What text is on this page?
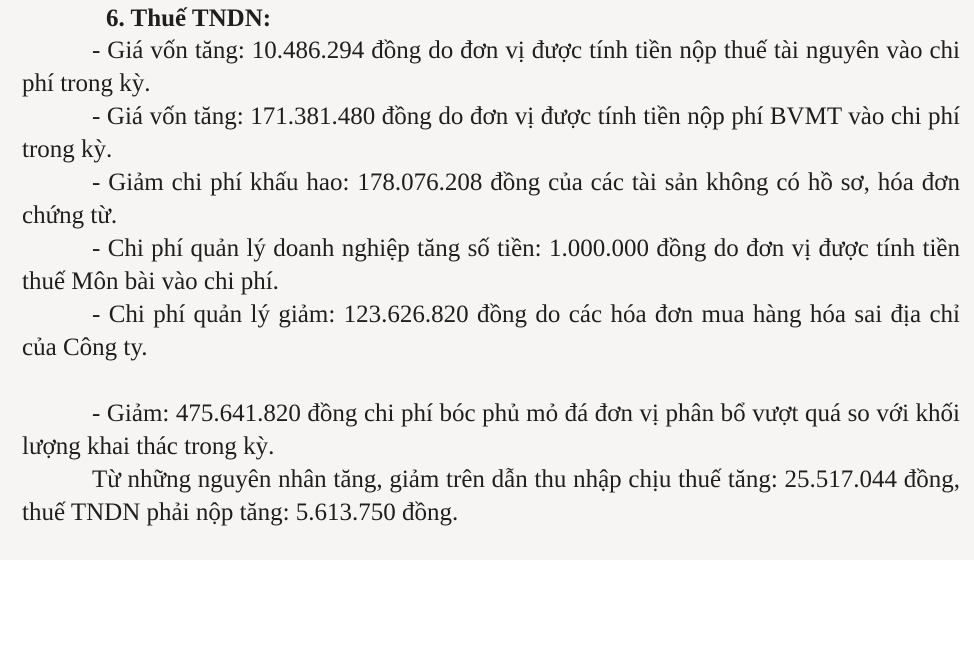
6. Thuế TNDN:

- Giá vốn tăng: 10.486.294 đồng do đơn vị được tính tiền nộp thuế tài nguyên vào chi phí trong kỳ.

- Giá vốn tăng: 171.381.480 đồng do đơn vị được tính tiền nộp phí BVMT vào chi phí trong kỳ.

- Giảm chi phí khấu hao: 178.076.208 đồng của các tài sản không có hồ sơ, hóa đơn chứng từ.

- Chi phí quản lý doanh nghiệp tăng số tiền: 1.000.000 đồng do đơn vị được tính tiền thuế Môn bài vào chi phí.

- Chi phí quản lý giảm: 123.626.820 đồng do các hóa đơn mua hàng hóa sai địa chỉ của Công ty.

- Giảm: 475.641.820 đồng chi phí bóc phủ mỏ đá đơn vị phân bổ vượt quá so với khối lượng khai thác trong kỳ.

Từ những nguyên nhân tăng, giảm trên dẫn thu nhập chịu thuế tăng: 25.517.044 đồng, thuế TNDN phải nộp tăng: 5.613.750 đồng.
